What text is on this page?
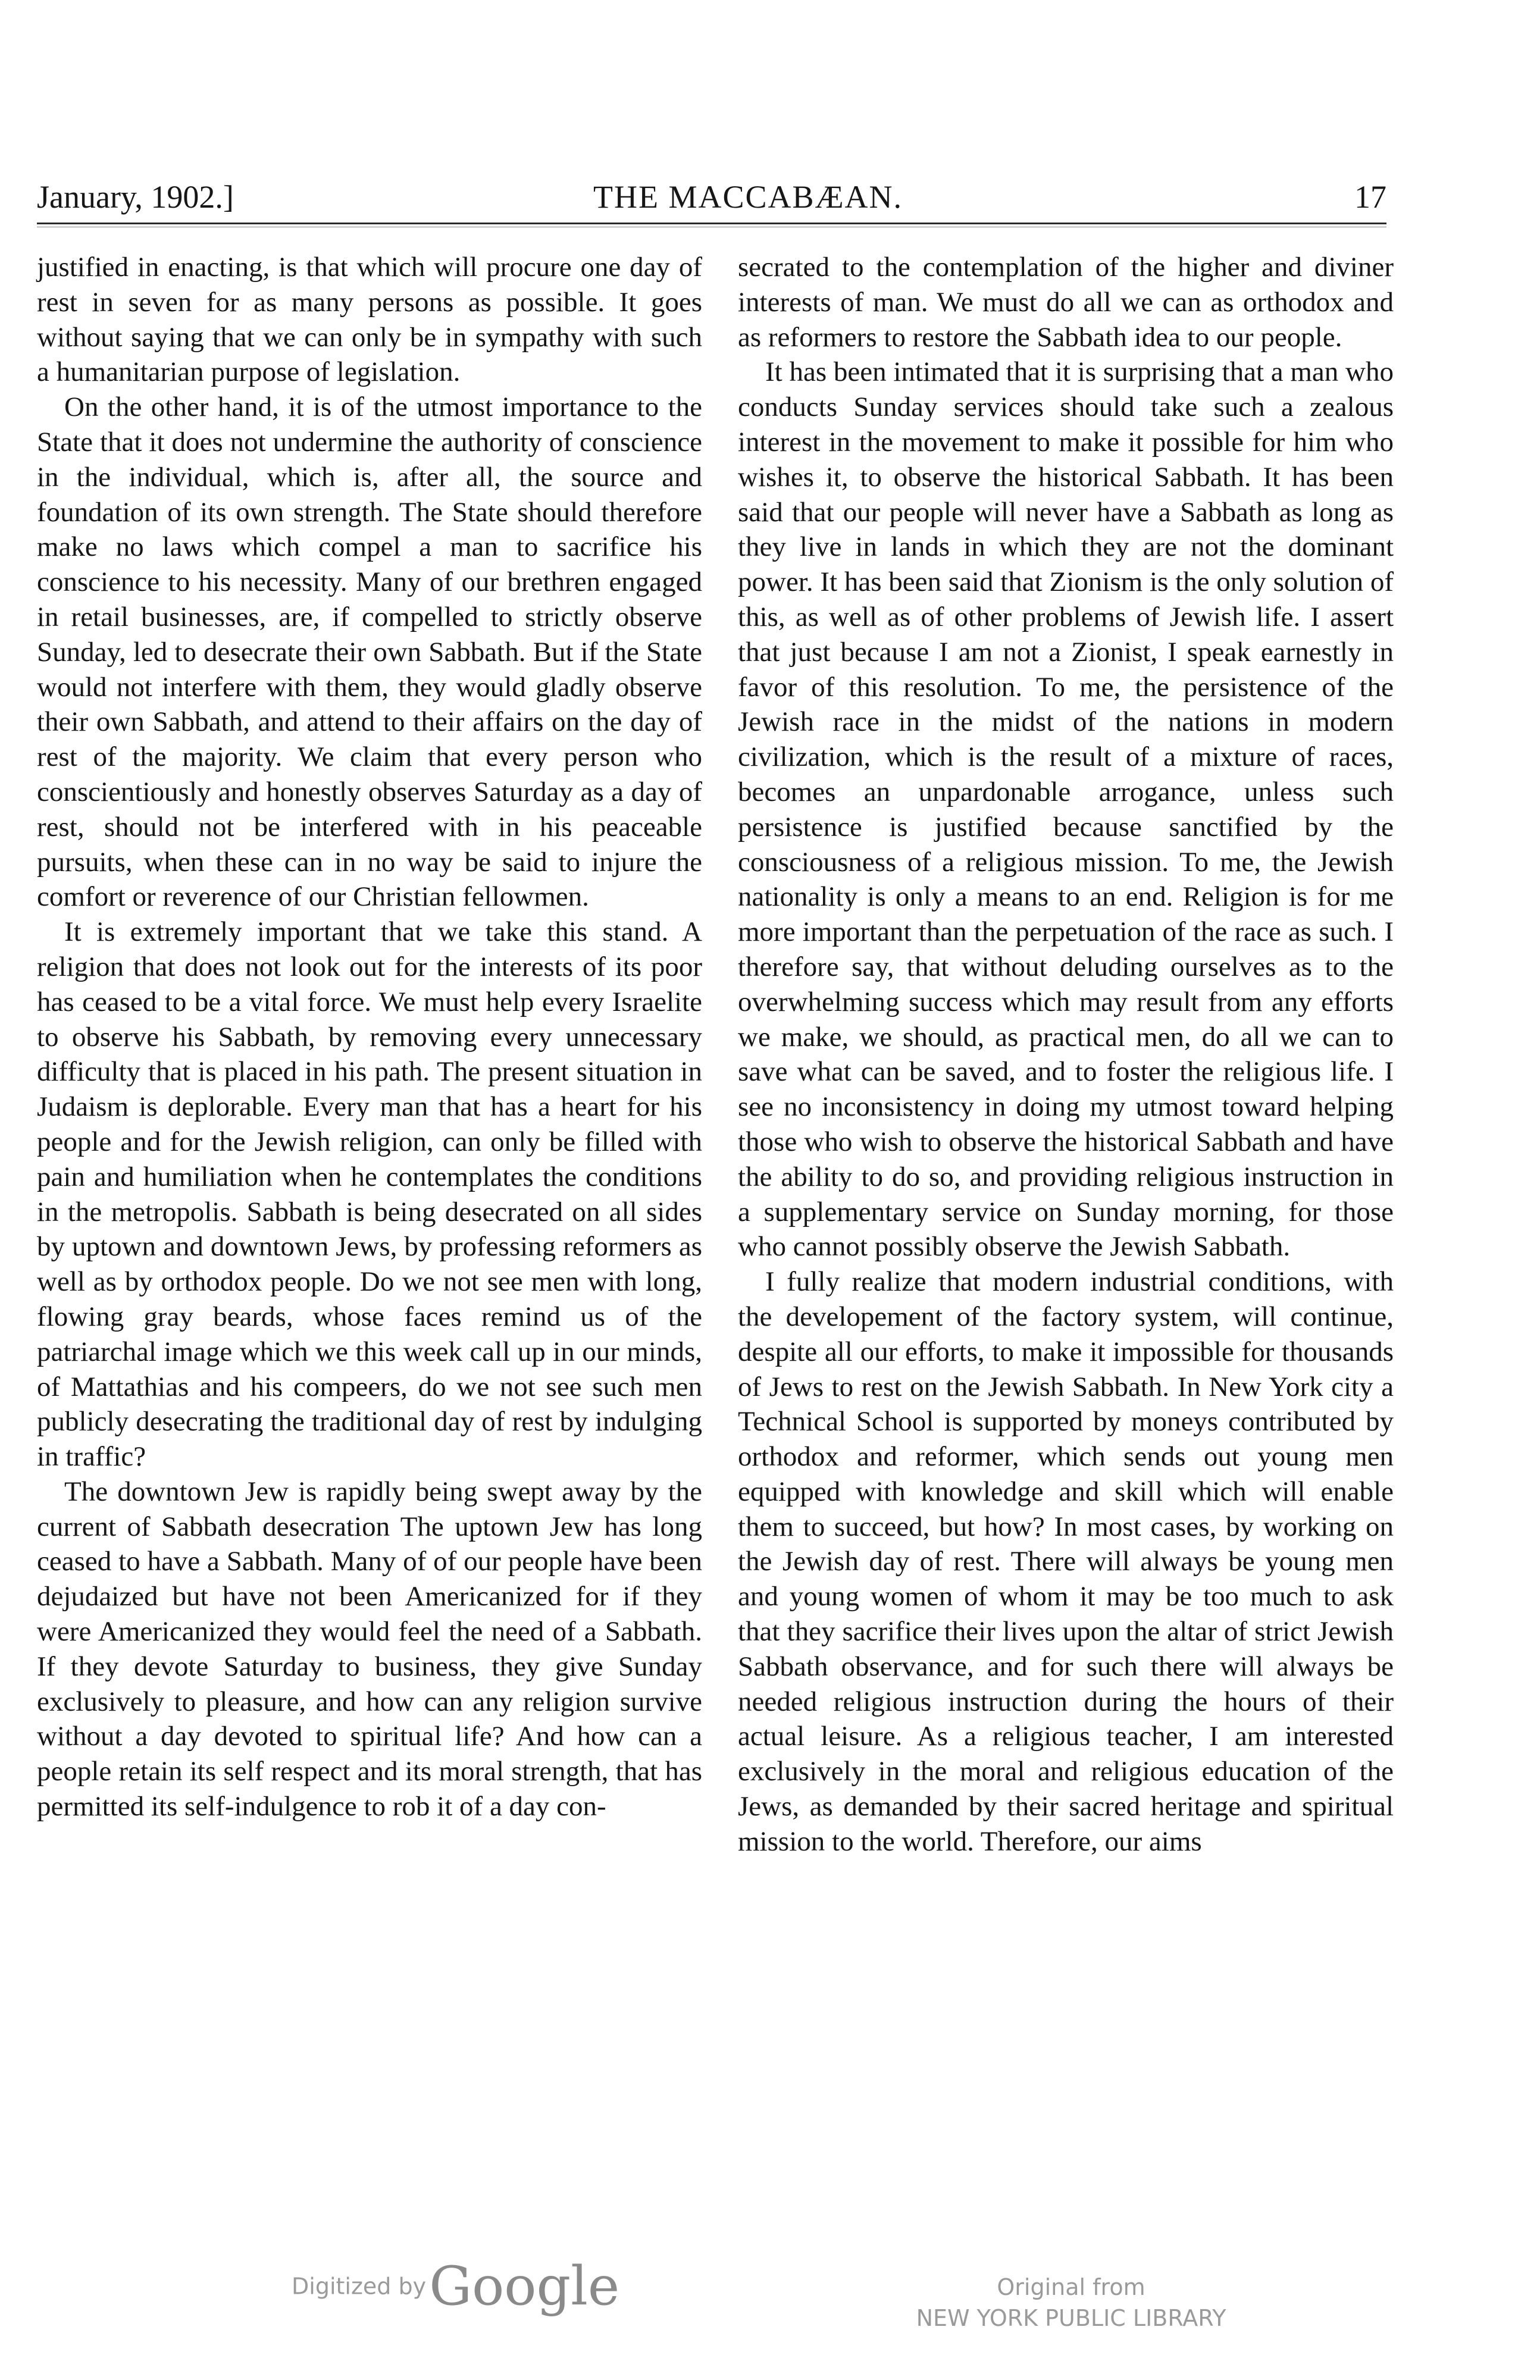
January, 1902.]	THE MACCABÆAN.	17

justified in enacting, is that which will procure one day of rest in seven for as many persons as possible. It goes without saying that we can only be in sympathy with such a humanitarian purpose of legislation.

On the other hand, it is of the utmost importance to the State that it does not undermine the authority of conscience in the individual, which is, after all, the source and foundation of its own strength. The State should therefore make no laws which compel a man to sacrifice his conscience to his necessity. Many of our brethren engaged in retail businesses, are, if compelled to strictly observe Sunday, led to desecrate their own Sabbath. But if the State would not interfere with them, they would gladly observe their own Sabbath, and attend to their affairs on the day of rest of the majority. We claim that every person who conscientiously and honestly observes Saturday as a day of rest, should not be interfered with in his peaceable pursuits, when these can in no way be said to injure the comfort or reverence of our Christian fellowmen.

It is extremely important that we take this stand. A religion that does not look out for the interests of its poor has ceased to be a vital force. We must help every Israelite to observe his Sabbath, by removing every unnecessary difficulty that is placed in his path. The present situation in Judaism is deplorable. Every man that has a heart for his people and for the Jewish religion, can only be filled with pain and humiliation when he contemplates the conditions in the metropolis. Sabbath is being desecrated on all sides by uptown and downtown Jews, by professing reformers as well as by orthodox people. Do we not see men with long, flowing gray beards, whose faces remind us of the patriarchal image which we this week call up in our minds, of Mattathias and his compeers, do we not see such men publicly desecrating the traditional day of rest by indulging in traffic?

The downtown Jew is rapidly being swept away by the current of Sabbath desecration The uptown Jew has long ceased to have a Sabbath. Many of of our people have been dejudaized but have not been Americanized for if they were Americanized they would feel the need of a Sabbath. If they devote Saturday to business, they give Sunday exclusively to pleasure, and how can any religion survive without a day devoted to spiritual life? And how can a people retain its self respect and its moral strength, that has permitted its self-indulgence to rob it of a day con-

secrated to the contemplation of the higher and diviner interests of man. We must do all we can as orthodox and as reformers to restore the Sabbath idea to our people.

It has been intimated that it is surprising that a man who conducts Sunday services should take such a zealous interest in the movement to make it possible for him who wishes it, to observe the historical Sabbath. It has been said that our people will never have a Sabbath as long as they live in lands in which they are not the dominant power. It has been said that Zionism is the only solution of this, as well as of other problems of Jewish life. I assert that just because I am not a Zionist, I speak earnestly in favor of this resolution. To me, the persistence of the Jewish race in the midst of the nations in modern civilization, which is the result of a mixture of races, becomes an unpardonable arrogance, unless such persistence is justified because sanctified by the consciousness of a religious mission. To me, the Jewish nationality is only a means to an end. Religion is for me more important than the perpetuation of the race as such. I therefore say, that without deluding ourselves as to the overwhelming success which may result from any efforts we make, we should, as practical men, do all we can to save what can be saved, and to foster the religious life. I see no inconsistency in doing my utmost toward helping those who wish to observe the historical Sabbath and have the ability to do so, and providing religious instruction in a supplementary service on Sunday morning, for those who cannot possibly observe the Jewish Sabbath.

I fully realize that modern industrial conditions, with the developement of the factory system, will continue, despite all our efforts, to make it impossible for thousands of Jews to rest on the Jewish Sabbath. In New York city a Technical School is supported by moneys contributed by orthodox and reformer, which sends out young men equipped with knowledge and skill which will enable them to succeed, but how? In most cases, by working on the Jewish day of rest. There will always be young men and young women of whom it may be too much to ask that they sacrifice their lives upon the altar of strict Jewish Sabbath observance, and for such there will always be needed religious instruction during the hours of their actual leisure. As a religious teacher, I am interested exclusively in the moral and religious education of the Jews, as demanded by their sacred heritage and spiritual mission to the world. Therefore, our aims

Digitized by Google	Original from
NEW YORK PUBLIC LIBRARY
